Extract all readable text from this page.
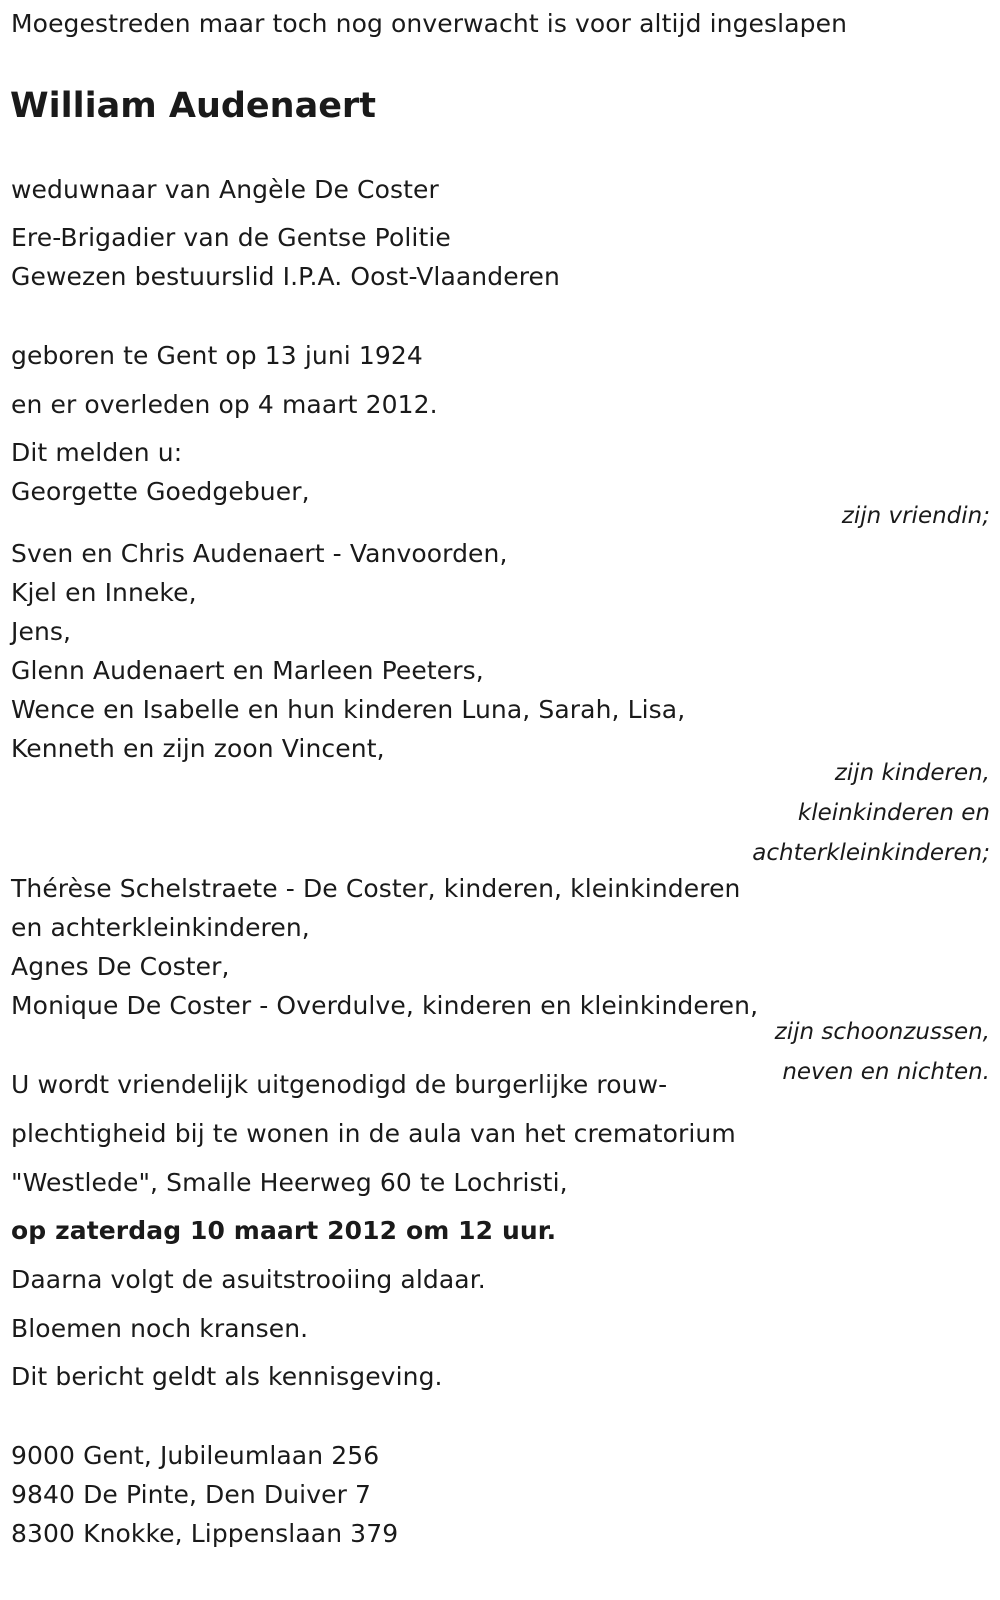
Moegestreden maar toch nog onverwacht is voor altijd ingeslapen
William Audenaert
weduwnaar van Angèle De Coster
Ere-Brigadier van de Gentse Politie
Gewezen bestuurslid I.P.A. Oost-Vlaanderen
geboren te Gent op 13 juni 1924
en er overleden op 4 maart 2012.
Dit melden u:
Georgette Goedgebuer,
zijn vriendin;
Sven en Chris Audenaert - Vanvoorden,
Kjel en Inneke,
Jens,
Glenn Audenaert en Marleen Peeters,
Wence en Isabelle en hun kinderen Luna, Sarah, Lisa,
Kenneth en zijn zoon Vincent,
zijn kinderen,
kleinkinderen en
achterkleinkinderen;
Thérèse Schelstraete - De Coster, kinderen, kleinkinderen
en achterkleinkinderen,
Agnes De Coster,
Monique De Coster - Overdulve, kinderen en kleinkinderen,
zijn schoonzussen,
neven en nichten.
U wordt vriendelijk uitgenodigd de burgerlijke rouw-
plechtigheid bij te wonen in de aula van het crematorium
"Westlede", Smalle Heerweg 60 te Lochristi,
op zaterdag 10 maart 2012 om 12 uur.
Daarna volgt de asuitstrooiing aldaar.
Bloemen noch kransen.
Dit bericht geldt als kennisgeving.
9000 Gent, Jubileumlaan 256
9840 De Pinte, Den Duiver 7
8300 Knokke, Lippenslaan 379
